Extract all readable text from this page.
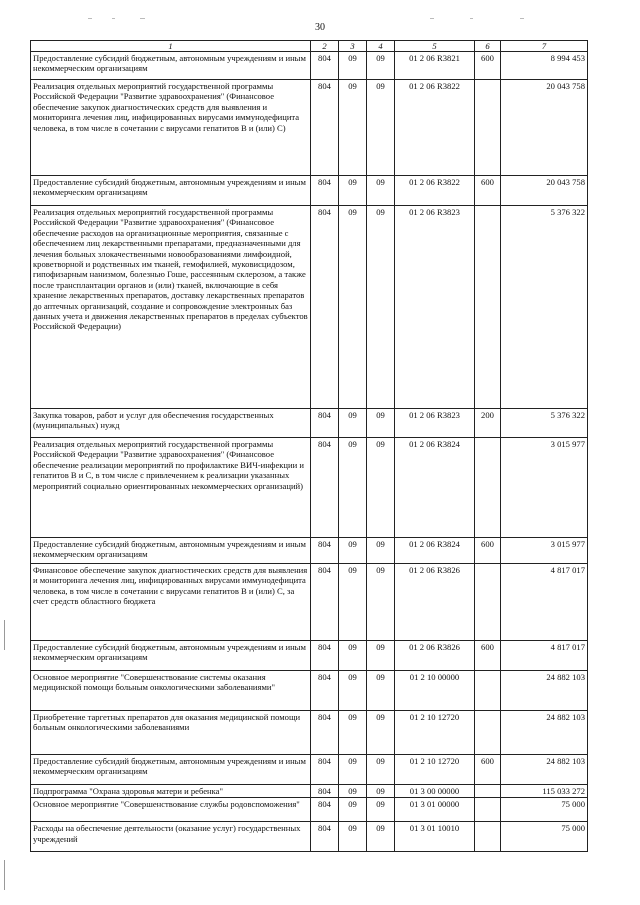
30
1	2	3	4	5	6	7
Предоставление субсидий бюджетным, автономным учреждениям и иным некоммерческим организациям	804	09	09	01 2 06 R3821	600	8 994 453
Реализация отдельных мероприятий государственной программы Российской Федерации "Развитие здравоохранения" (Финансовое обеспечение закупок диагностических средств для выявления и мониторинга лечения лиц, инфицированных вирусами иммунодефицита человека, в том числе в сочетании с вирусами гепатитов В и (или) С)	804	09	09	01 2 06 R3822		20 043 758
Предоставление субсидий бюджетным, автономным учреждениям и иным некоммерческим организациям	804	09	09	01 2 06 R3822	600	20 043 758
Реализация отдельных мероприятий государственной программы Российской Федерации "Развитие здравоохранения" (Финансовое обеспечение расходов на организационные мероприятия, связанные с обеспечением лиц лекарственными препаратами, предназначенными для лечения больных злокачественными новообразованиями лимфоидной, кроветворной и родственных им тканей, гемофилией, муковисцидозом, гипофизарным нанизмом, болезнью Гоше, рассеянным склерозом, а также после трансплантации органов и (или) тканей, включающие в себя хранение лекарственных препаратов, доставку лекарственных препаратов до аптечных организаций, создание и сопровождение электронных баз данных учета и движения лекарственных препаратов в пределах субъектов Российской Федерации)	804	09	09	01 2 06 R3823		5 376 322
Закупка товаров, работ и услуг для обеспечения государственных (муниципальных) нужд	804	09	09	01 2 06 R3823	200	5 376 322
Реализация отдельных мероприятий государственной программы Российской Федерации "Развитие здравоохранения" (Финансовое обеспечение реализации мероприятий по профилактике ВИЧ-инфекции и гепатитов В и С, в том числе с привлечением к реализации указанных мероприятий социально ориентированных некоммерческих организаций)	804	09	09	01 2 06 R3824		3 015 977
Предоставление субсидий бюджетным, автономным учреждениям и иным некоммерческим организациям	804	09	09	01 2 06 R3824	600	3 015 977
Финансовое обеспечение закупок диагностических средств для выявления и мониторинга лечения лиц, инфицированных вирусами иммунодефицита человека, в том числе в сочетании с вирусами гепатитов В и (или) С, за счет средств областного бюджета	804	09	09	01 2 06 R3826		4 817 017
Предоставление субсидий бюджетным, автономным учреждениям и иным некоммерческим организациям	804	09	09	01 2 06 R3826	600	4 817 017
Основное мероприятие "Совершенствование системы оказания медицинской помощи больным онкологическими заболеваниями"	804	09	09	01 2 10 00000		24 882 103
Приобретение таргетных препаратов для оказания медицинской помощи больным онкологическими заболеваниями	804	09	09	01 2 10 12720		24 882 103
Предоставление субсидий бюджетным, автономным учреждениям и иным некоммерческим организациям	804	09	09	01 2 10 12720	600	24 882 103
Подпрограмма "Охрана здоровья матери и ребенка"	804	09	09	01 3 00 00000		115 033 272
Основное мероприятие "Совершенствование службы родовспоможения"	804	09	09	01 3 01 00000		75 000
Расходы на обеспечение деятельности (оказание услуг) государственных учреждений	804	09	09	01 3 01 10010		75 000
